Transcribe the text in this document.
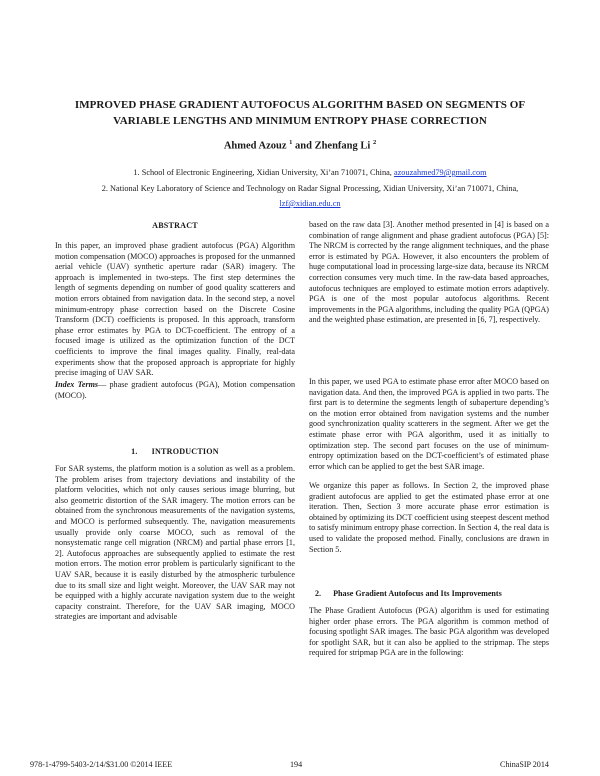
IMPROVED PHASE GRADIENT AUTOFOCUS ALGORITHM BASED ON SEGMENTS OF
VARIABLE LENGTHS AND MINIMUM ENTROPY PHASE CORRECTION
Ahmed Azouz $^1$ and Zhenfang Li $^2$
1. School of Electronic Engineering, Xidian University, Xi’an 710071, China, azouzahmed79@gmail.com
2. National Key Laboratory of Science and Technology on Radar Signal Processing, Xidian University, Xi’an 710071, China,
lzf@xidian.edu.cn
ABSTRACT

In this paper, an improved phase gradient autofocus (PGA) Algorithm motion compensation (MOCO) approaches is proposed for the unmanned aerial vehicle (UAV) synthetic aperture radar (SAR) imagery. The approach is implemented in two-steps. The first step determines the length of segments depending on number of good quality scatterers and motion errors obtained from navigation data. In the second step, a novel minimum-entropy phase correction based on the Discrete Cosine Transform (DCT) coefficients is proposed. In this approach, transform phase error estimates by PGA to DCT-coefficient. The entropy of a focused image is utilized as the optimization function of the DCT coefficients to improve the final images quality. Finally, real-data experiments show that the proposed approach is appropriate for highly precise imaging of UAV SAR.

Index Terms— phase gradient autofocus (PGA), Motion compensation (MOCO).

1. INTRODUCTION

For SAR systems, the platform motion is a solution as well as a problem. The problem arises from trajectory deviations and instability of the platform velocities, which not only causes serious image blurring, but also geometric distortion of the SAR imagery. The motion errors can be obtained from the synchronous measurements of the navigation systems, and MOCO is performed subsequently. The, navigation measurements usually provide only coarse MOCO, such as removal of the nonsystematic range cell migration (NRCM) and partial phase errors [1, 2]. Autofocus approaches are subsequently applied to estimate the rest motion errors. The motion error problem is particularly significant to the UAV SAR, because it is easily disturbed by the atmospheric turbulence due to its small size and light weight. Moreover, the UAV SAR may not be equipped with a highly accurate navigation system due to the weight capacity constraint. Therefore, for the UAV SAR imaging, MOCO strategies are important and advisable

based on the raw data [3]. Another method presented in [4] is based on a combination of range alignment and phase gradient autofocus (PGA) [5]: The NRCM is corrected by the range alignment techniques, and the phase error is estimated by PGA. However, it also encounters the problem of huge computational load in processing large-size data, because its NRCM correction consumes very much time. In the raw-data based approaches, autofocus techniques are employed to estimate motion errors adaptively. PGA is one of the most popular autofocus algorithms. Recent improvements in the PGA algorithms, including the quality PGA (QPGA) and the weighted phase estimation, are presented in [6, 7], respectively.

In this paper, we used PGA to estimate phase error after MOCO based on navigation data. And then, the improved PGA is applied in two parts. The first part is to determine the segments length of subaperture depending’s on the motion error obtained from navigation systems and the number good synchronization quality scatterers in the segment. After we get the estimate phase error with PGA algorithm, used it as initially to optimization step. The second part focuses on the use of minimum-entropy optimization based on the DCT-coefficient’s of estimated phase error which can be applied to get the best SAR image.

We organize this paper as follows. In Section 2, the improved phase gradient autofocus are applied to get the estimated phase error at one iteration. Then, Section 3 more accurate phase error estimation is obtained by optimizing its DCT coefficient using steepest descent method to satisfy minimum entropy phase correction. In Section 4, the real data is used to validate the proposed method. Finally, conclusions are drawn in Section 5.

2. Phase Gradient Autofocus and Its Improvements

The Phase Gradient Autofocus (PGA) algorithm is used for estimating higher order phase errors. The PGA algorithm is common method of focusing spotlight SAR images. The basic PGA algorithm was developed for spotlight SAR, but it can also be applied to the stripmap. The steps required for stripmap PGA are in the following:

978-1-4799-5403-2/14/$31.00 ©2014 IEEE	194	ChinaSIP 2014
